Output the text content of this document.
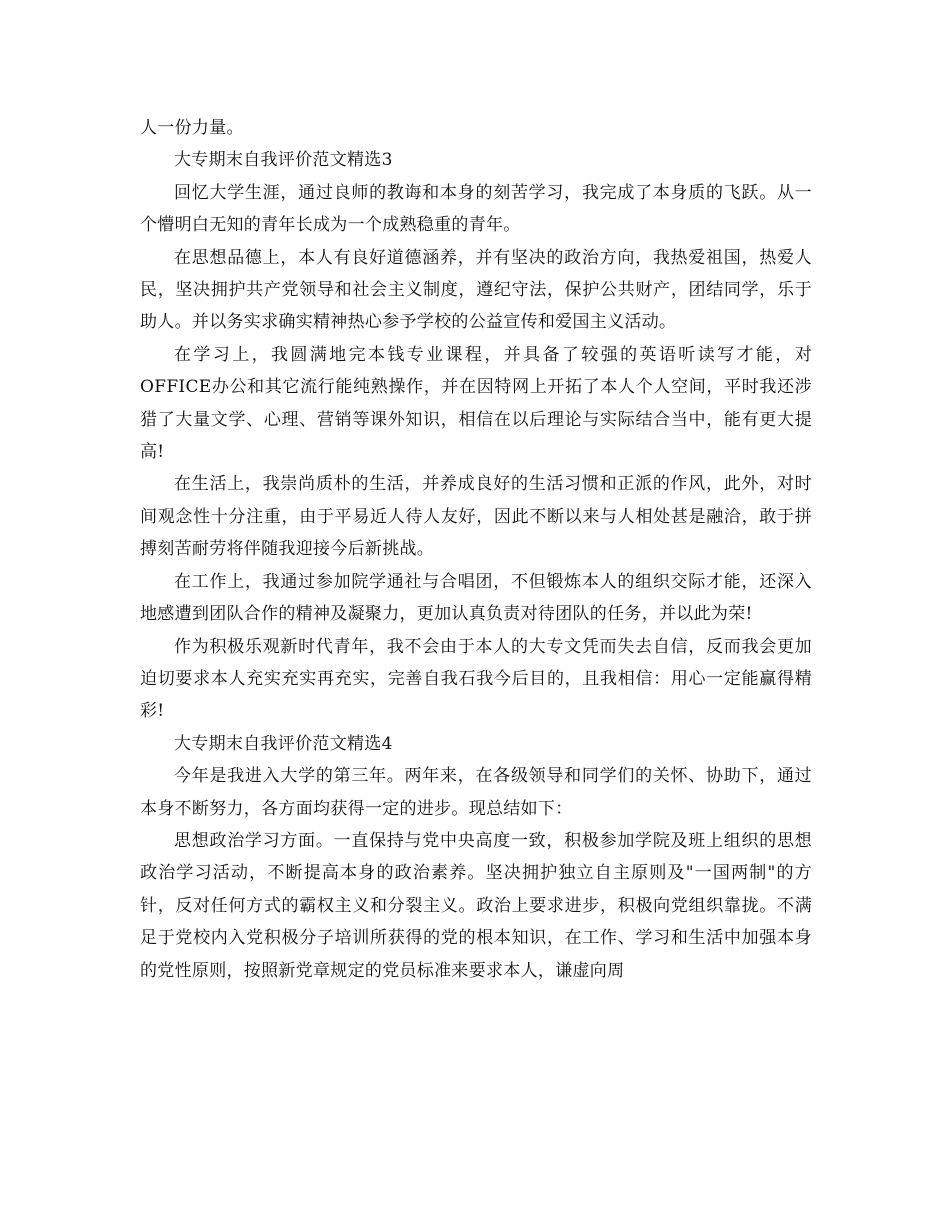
人一份力量。

大专期末自我评价范文精选3

回忆大学生涯，通过良师的教诲和本身的刻苦学习，我完成了本身质的飞跃。从一个懵明白无知的青年长成为一个成熟稳重的青年。

在思想品德上，本人有良好道德涵养，并有坚决的政治方向，我热爱祖国，热爱人民，坚决拥护共产党领导和社会主义制度，遵纪守法，保护公共财产，团结同学，乐于助人。并以务实求确实精神热心参予学校的公益宣传和爱国主义活动。

在学习上，我圆满地完本钱专业课程，并具备了较强的英语听读写才能，对OFFICE办公和其它流行能纯熟操作，并在因特网上开拓了本人个人空间，平时我还涉猎了大量文学、心理、营销等课外知识，相信在以后理论与实际结合当中，能有更大提高!

在生活上，我崇尚质朴的生活，并养成良好的生活习惯和正派的作风，此外，对时间观念性十分注重，由于平易近人待人友好，因此不断以来与人相处甚是融洽，敢于拼搏刻苦耐劳将伴随我迎接今后新挑战。

在工作上，我通过参加院学通社与合唱团，不但锻炼本人的组织交际才能，还深入地感遭到团队合作的精神及凝聚力，更加认真负责对待团队的任务，并以此为荣!

作为积极乐观新时代青年，我不会由于本人的大专文凭而失去自信，反而我会更加迫切要求本人充实充实再充实，完善自我石我今后目的，且我相信：用心一定能赢得精彩!

大专期末自我评价范文精选4

今年是我进入大学的第三年。两年来，在各级领导和同学们的关怀、协助下，通过本身不断努力，各方面均获得一定的进步。现总结如下：

思想政治学习方面。一直保持与党中央高度一致，积极参加学院及班上组织的思想政治学习活动，不断提高本身的政治素养。坚决拥护独立自主原则及"一国两制"的方针，反对任何方式的霸权主义和分裂主义。政治上要求进步，积极向党组织靠拢。不满足于党校内入党积极分子培训所获得的党的根本知识，在工作、学习和生活中加强本身的党性原则，按照新党章规定的党员标准来要求本人，谦虚向周
